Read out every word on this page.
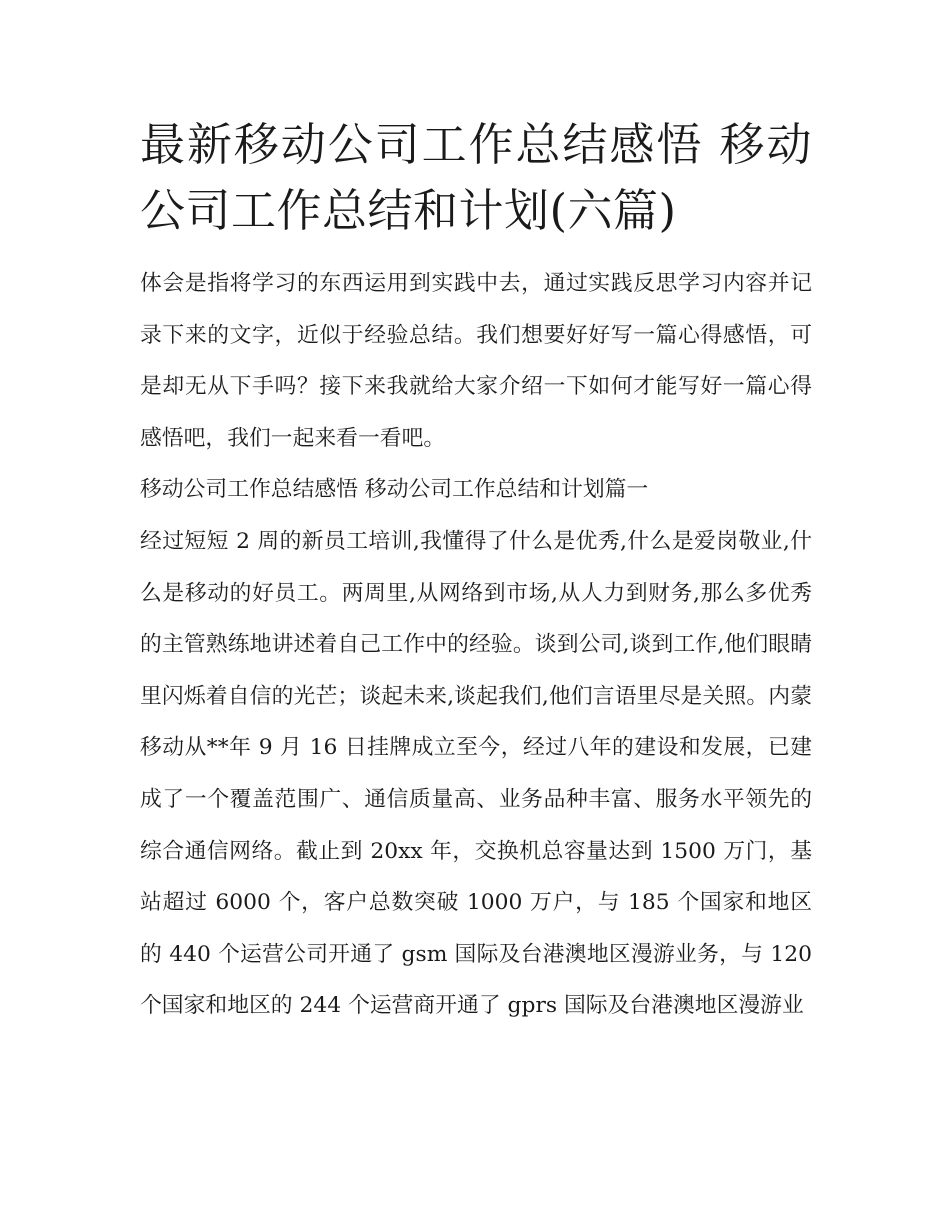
最新移动公司工作总结感悟 移动公司工作总结和计划(六篇)

体会是指将学习的东西运用到实践中去，通过实践反思学习内容并记录下来的文字，近似于经验总结。我们想要好好写一篇心得感悟，可是却无从下手吗？接下来我就给大家介绍一下如何才能写好一篇心得感悟吧，我们一起来看一看吧。

移动公司工作总结感悟 移动公司工作总结和计划篇一

经过短短 2 周的新员工培训,我懂得了什么是优秀,什么是爱岗敬业,什么是移动的好员工。两周里,从网络到市场,从人力到财务,那么多优秀的主管熟练地讲述着自己工作中的经验。谈到公司,谈到工作,他们眼睛里闪烁着自信的光芒；谈起未来,谈起我们,他们言语里尽是关照。内蒙移动从**年 9 月 16 日挂牌成立至今，经过八年的建设和发展，已建成了一个覆盖范围广、通信质量高、业务品种丰富、服务水平领先的综合通信网络。截止到 20xx 年，交换机总容量达到 1500 万门，基站超过 6000 个，客户总数突破 1000 万户，与 185 个国家和地区的 440 个运营公司开通了 gsm 国际及台港澳地区漫游业务，与 120 个国家和地区的 244 个运营商开通了 gprs 国际及台港澳地区漫游业
